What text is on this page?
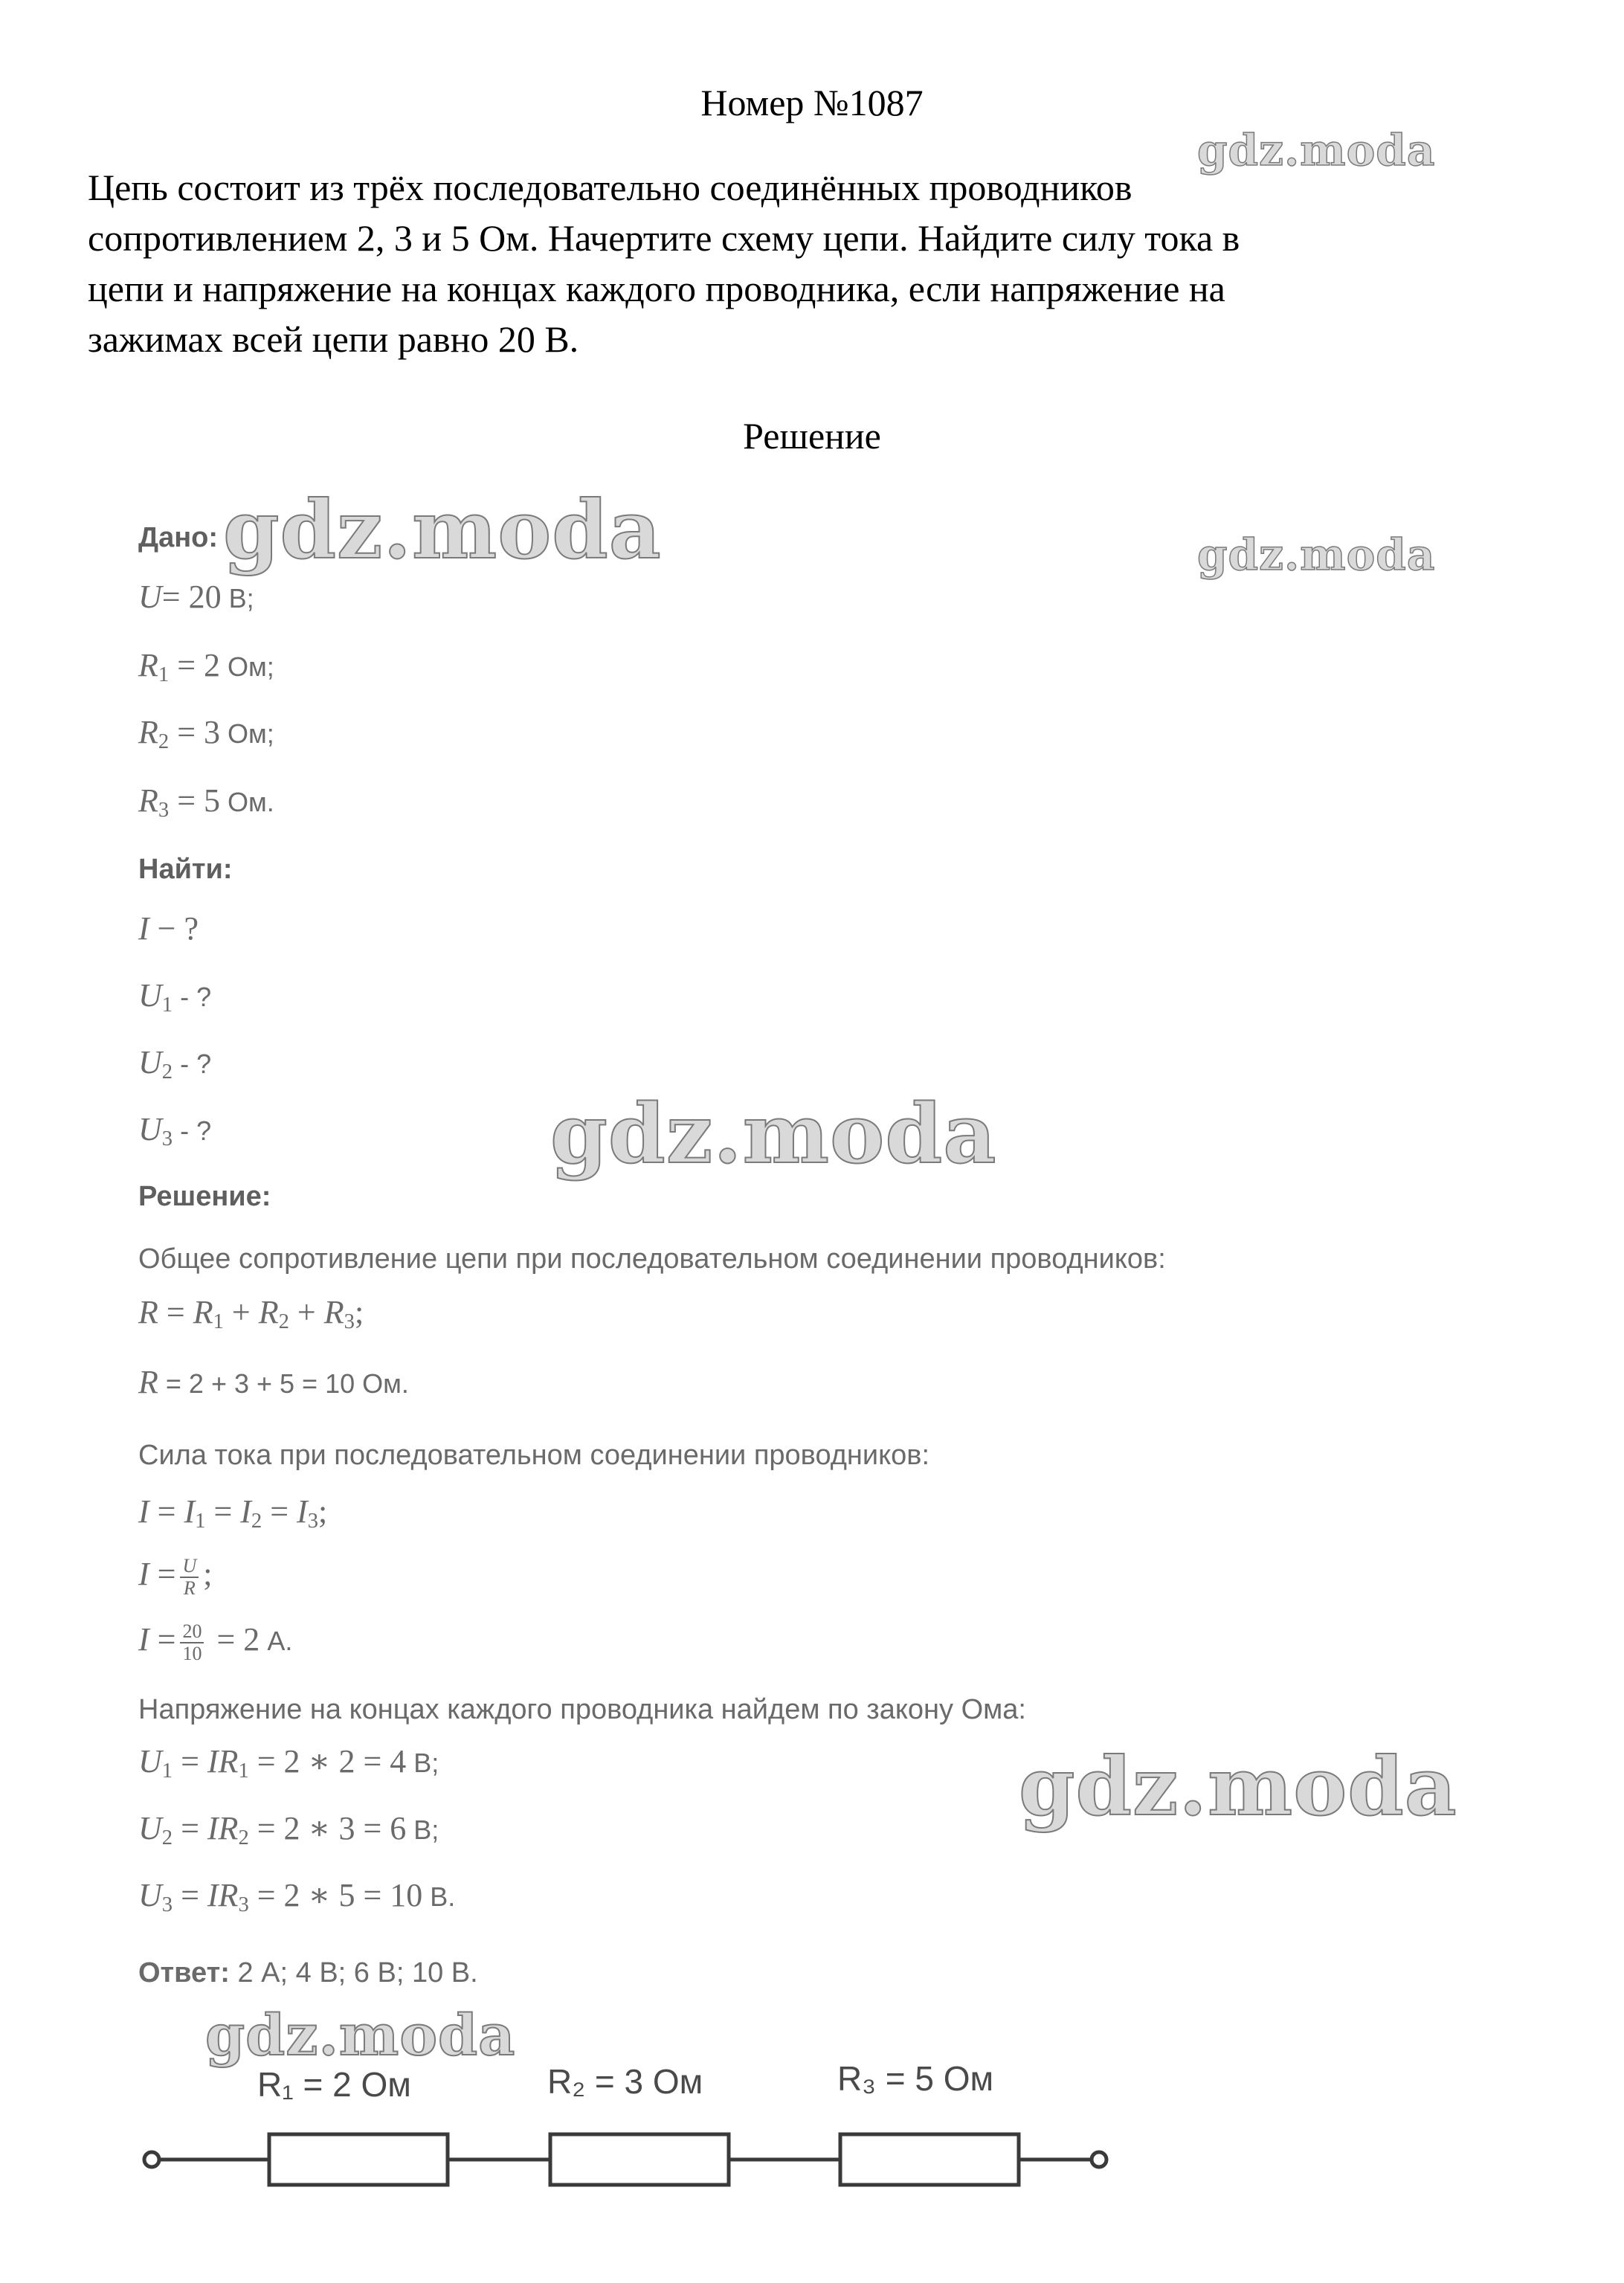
Номер №1087
Цепь состоит из трёх последовательно соединённых проводников
сопротивлением 2, 3 и 5 Ом. Начертите схему цепи. Найдите силу тока в
цепи и напряжение на концах каждого проводника, если напряжение на
зажимах всей цепи равно 20 В.
Решение
gdz.moda
gdz.moda	gdz.moda
gdz.moda
gdz.moda
gdz.moda
Дано:
U= 20 В;
$R_1 = 2$ Ом;
$R_2 = 3$ Ом;
$R_3 = 5$ Ом.
Найти:
I − ?
$U_1$ - ?
$U_2$ - ?
$U_3$ - ?
Решение:
Общее сопротивление цепи при последовательном соединении проводников:
$R = R_1 + R_2 + R_3$;
R = 2 + 3 + 5 = 10 Ом.
Сила тока при последовательном соединении проводников:
$I = I_1 = I_2 = I_3$;
$I = \frac{U}{R}$ ;
$I = \frac{20}{10} = 2$ А.
Напряжение на концах каждого проводника найдем по закону Ома:
$U_1 = IR_1 = 2$ ∗ 2 = 4 В;
$U_2 = IR_2 = 2$ ∗ 3 = 6 В;
$U_3 = IR_3 = 2$ ∗ 5 = 10 В.
Ответ: 2 А; 4 В; 6 В; 10 В.
R₁ = 2 Ом	R₂ = 3 Ом	R₃ = 5 Ом
